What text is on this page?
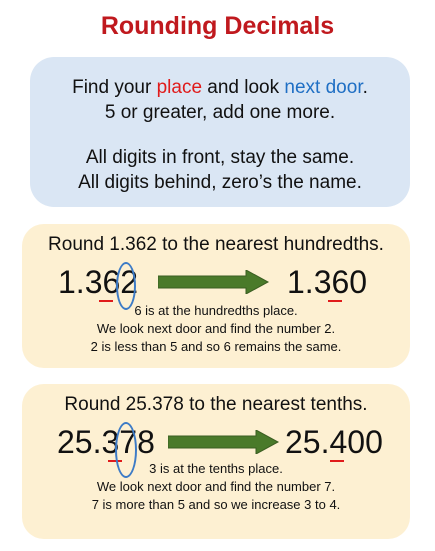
Rounding Decimals
Find your place and look next door.
5 or greater, add one more.
All digits in front, stay the same.
All digits behind, zero’s the name.
Round 1.362 to the nearest hundredths.
1.362	1.360
6 is at the hundredths place.
We look next door and find the number 2.
2 is less than 5 and so 6 remains the same.
Round 25.378 to the nearest tenths.
25.378	25.400
3 is at the tenths place.
We look next door and find the number 7.
7 is more than 5 and so we increase 3 to 4.
